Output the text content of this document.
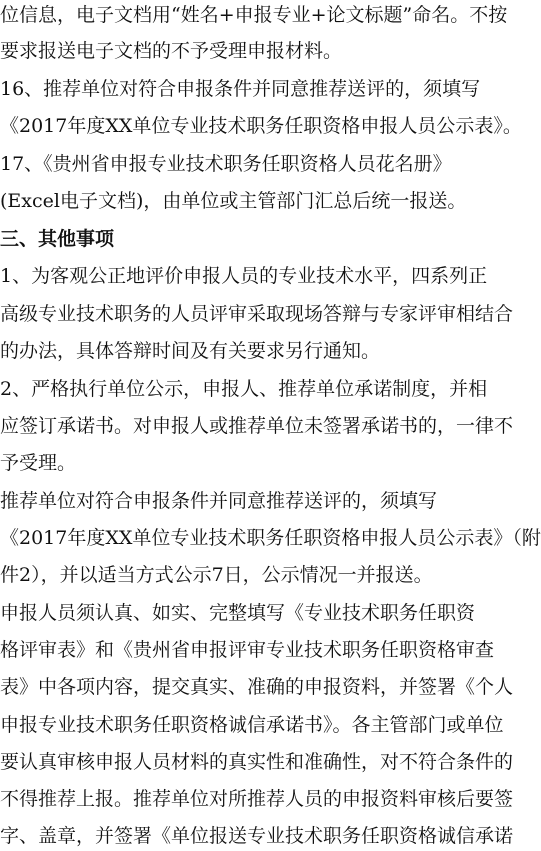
位信息，电子文档用“姓名+申报专业+论文标题”命名。不按
要求报送电子文档的不予受理申报材料。
16、推荐单位对符合申报条件并同意推荐送评的，须填写
《2017年度XX单位专业技术职务任职资格申报人员公示表》。
17、《贵州省申报专业技术职务任职资格人员花名册》
(Excel电子文档)，由单位或主管部门汇总后统一报送。
三、其他事项
1、为客观公正地评价申报人员的专业技术水平，四系列正
高级专业技术职务的人员评审采取现场答辩与专家评审相结合
的办法，具体答辩时间及有关要求另行通知。
2、严格执行单位公示，申报人、推荐单位承诺制度，并相
应签订承诺书。对申报人或推荐单位未签署承诺书的，一律不
予受理。
推荐单位对符合申报条件并同意推荐送评的，须填写
《2017年度XX单位专业技术职务任职资格申报人员公示表》（附
件2），并以适当方式公示7日，公示情况一并报送。
申报人员须认真、如实、完整填写《专业技术职务任职资
格评审表》和《贵州省申报评审专业技术职务任职资格审查
表》中各项内容，提交真实、准确的申报资料，并签署《个人
申报专业技术职务任职资格诚信承诺书》。各主管部门或单位
要认真审核申报人员材料的真实性和准确性，对不符合条件的
不得推荐上报。推荐单位对所推荐人员的申报资料审核后要签
字、盖章，并签署《单位报送专业技术职务任职资格诚信承诺
